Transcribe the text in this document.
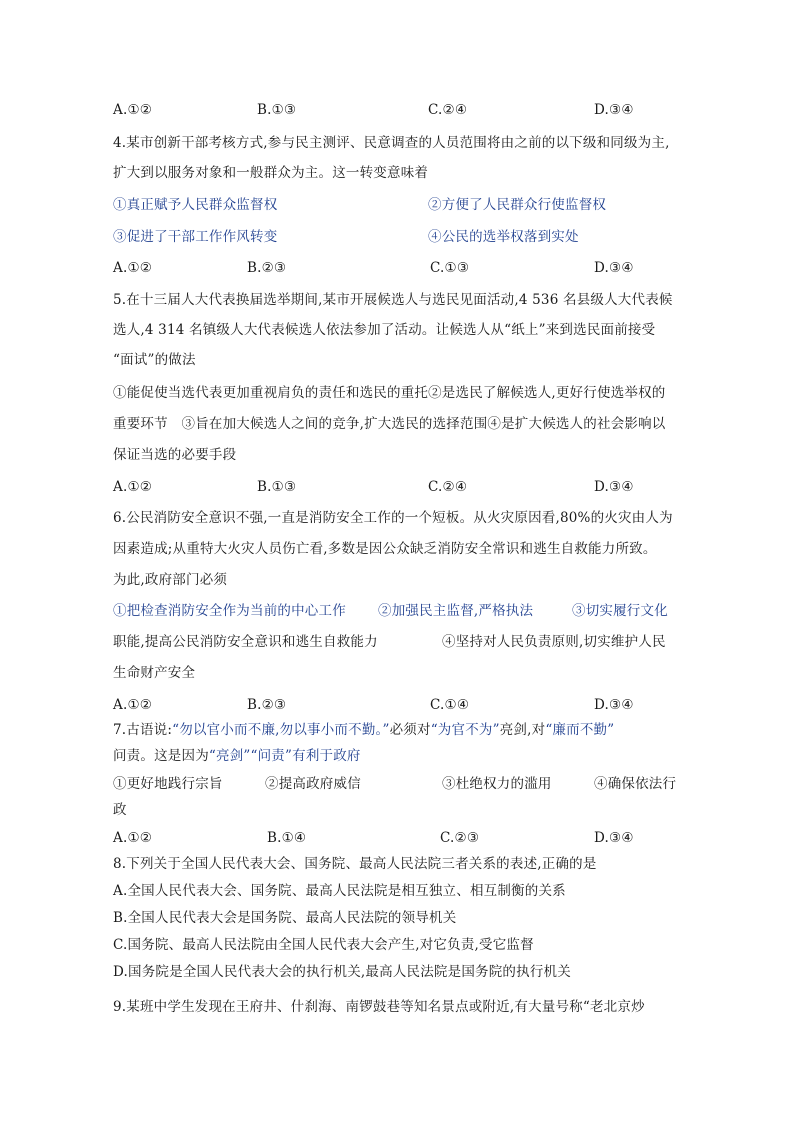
A.①②	B.①③	C.②④	D.③④
4.某市创新干部考核方式,参与民主测评、民意调查的人员范围将由之前的以下级和同级为主,
扩大到以服务对象和一般群众为主。这一转变意味着
①真正赋予人民群众监督权	②方便了人民群众行使监督权
③促进了干部工作作风转变	④公民的选举权落到实处
A.①②	B.②③	C.①③	D.③④
5.在十三届人大代表换届选举期间,某市开展候选人与选民见面活动,4 536 名县级人大代表候
选人,4 314 名镇级人大代表候选人依法参加了活动。让候选人从“纸上”来到选民面前接受
“面试”的做法
①能促使当选代表更加重视肩负的责任和选民的重托②是选民了解候选人,更好行使选举权的
重要环节　③旨在加大候选人之间的竞争,扩大选民的选择范围④是扩大候选人的社会影响以
保证当选的必要手段
A.①②	B.①③	C.②④	D.③④
6.公民消防安全意识不强,一直是消防安全工作的一个短板。从火灾原因看,80%的火灾由人为
因素造成;从重特大火灾人员伤亡看,多数是因公众缺乏消防安全常识和逃生自救能力所致。
为此,政府部门必须
①把检查消防安全作为当前的中心工作 ②加强民主监督,严格执法	③切实履行文化
职能,提高公民消防安全意识和逃生自救能力	④坚持对人民负责原则,切实维护人民
生命财产安全
A.①②	B.②③	C.①④	D.③④
7.古语说:“勿以官小而不廉,勿以事小而不勤。”必须对“为官不为”亮剑,对“廉而不勤”
问责。这是因为“亮剑”“问责”有利于政府
①更好地践行宗旨	②提高政府威信	③杜绝权力的滥用	④确保依法行
政
A.①②	B.①④	C.②③	D.③④
8.下列关于全国人民代表大会、国务院、最高人民法院三者关系的表述,正确的是
A.全国人民代表大会、国务院、最高人民法院是相互独立、相互制衡的关系
B.全国人民代表大会是国务院、最高人民法院的领导机关
C.国务院、最高人民法院由全国人民代表大会产生,对它负责,受它监督
D.国务院是全国人民代表大会的执行机关,最高人民法院是国务院的执行机关
9.某班中学生发现在王府井、什刹海、南锣鼓巷等知名景点或附近,有大量号称“老北京炒
